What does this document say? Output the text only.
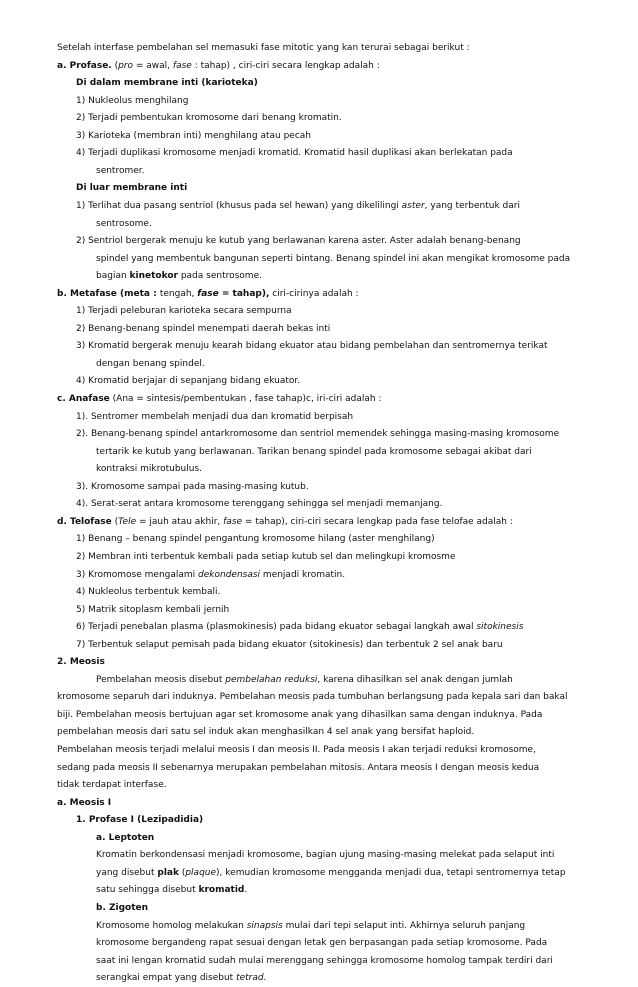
Setelah interfase pembelahan sel memasuki fase mitotic yang kan terurai sebagai berikut :
a. Profase. (pro = awal, fase : tahap) , ciri-ciri secara lengkap adalah :
Di dalam membrane inti (karioteka)
1) Nukleolus menghilang
2) Terjadi pembentukan kromosome dari benang kromatin.
3) Karioteka (membran inti) menghilang atau pecah
4) Terjadi duplikasi kromosome menjadi kromatid. Kromatid hasil duplikasi akan berlekatan pada
sentromer.
Di luar membrane inti
1) Terlihat dua pasang sentriol (khusus pada sel hewan) yang dikelilingi aster, yang terbentuk dari
sentrosome.
2) Sentriol bergerak menuju ke kutub yang berlawanan karena aster. Aster adalah benang-benang
spindel yang membentuk bangunan seperti bintang. Benang spindel ini akan mengikat kromosome pada
bagian kinetokor pada sentrosome.
b. Metafase (meta : tengah, fase = tahap), ciri-cirinya adalah :
1) Terjadi peleburan karioteka secara sempurna
2) Benang-benang spindel menempati daerah bekas inti
3) Kromatid bergerak menuju kearah bidang ekuator atau bidang pembelahan dan sentromernya terikat
dengan benang spindel.
4) Kromatid berjajar di sepanjang bidang ekuator.
c. Anafase (Ana = sintesis/pembentukan , fase tahap)c, iri-ciri adalah :
1). Sentromer membelah menjadi dua dan kromatid berpisah
2). Benang-benang spindel antarkromosome dan sentriol memendek sehingga masing-masing kromosome
tertarik ke kutub yang berlawanan. Tarikan benang spindel pada kromosome sebagai akibat dari
kontraksi mikrotubulus.
3). Kromosome sampai pada masing-masing kutub.
4). Serat-serat antara kromosome terenggang sehingga sel menjadi memanjang.
d. Telofase (Tele = jauh atau akhir, fase = tahap), ciri-ciri secara lengkap pada fase telofae adalah :
1) Benang – benang spindel pengantung kromosome hilang (aster menghilang)
2) Membran inti terbentuk kembali pada setiap kutub sel dan melingkupi kromosme
3) Kromomose mengalami dekondensasi menjadi kromatin.
4) Nukleolus terbentuk kembali.
5) Matrik sitoplasm kembali jernih
6) Terjadi penebalan plasma (plasmokinesis) pada bidang ekuator sebagai langkah awal sitokinesis
7) Terbentuk selaput pemisah pada bidang ekuator (sitokinesis) dan terbentuk 2 sel anak baru
2. Meosis
Pembelahan meosis disebut pembelahan reduksi, karena dihasilkan sel anak dengan jumlah
kromosome separuh dari induknya. Pembelahan meosis pada tumbuhan berlangsung pada kepala sari dan bakal
biji. Pembelahan meosis bertujuan agar set kromosome anak yang dihasilkan sama dengan induknya. Pada
pembelahan meosis dari satu sel induk akan menghasilkan 4 sel anak yang bersifat haploid.
Pembelahan meosis terjadi melalui meosis I dan meosis II. Pada meosis I akan terjadi reduksi kromosome,
sedang pada meosis II sebenarnya merupakan pembelahan mitosis. Antara meosis I dengan meosis kedua
tidak terdapat interfase.
a. Meosis I
1. Profase I (Lezipadidia)
a. Leptoten
Kromatin berkondensasi menjadi kromosome, bagian ujung masing-masing melekat pada selaput inti
yang disebut plak (plaque), kemudian kromosome mengganda menjadi dua, tetapi sentromernya tetap
satu sehingga disebut kromatid.
b. Zigoten
Kromosome homolog melakukan sinapsis mulai dari tepi selaput inti. Akhirnya seluruh panjang
kromosome bergandeng rapat sesuai dengan letak gen berpasangan pada setiap kromosome. Pada
saat ini lengan kromatid sudah mulai merenggang sehingga kromosome homolog tampak terdiri dari
serangkai empat yang disebut tetrad.
